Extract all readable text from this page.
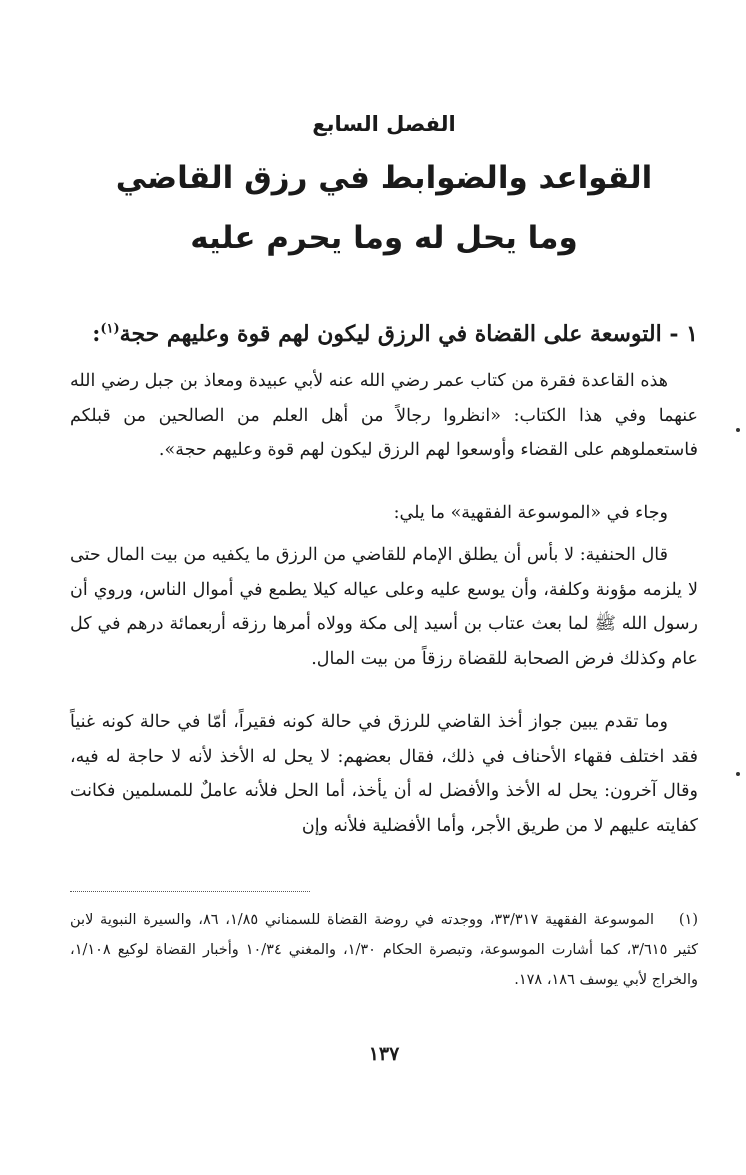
الفصل السابع
القواعد والضوابط في رزق القاضي
وما يحل له وما يحرم عليه
١ - التوسعة على القضاة في الرزق ليكون لهم قوة وعليهم حجة$^{(١)}$:
هذه القاعدة فقرة من كتاب عمر رضي الله عنه لأبي عبيدة ومعاذ بن جبل رضي الله عنهما وفي هذا الكتاب: «انظروا رجالاً من أهل العلم من الصالحين من قبلكم فاستعملوهم على القضاء وأوسعوا لهم الرزق ليكون لهم قوة وعليهم حجة».
وجاء في «الموسوعة الفقهية» ما يلي:
قال الحنفية: لا بأس أن يطلق الإمام للقاضي من الرزق ما يكفيه من بيت المال حتى لا يلزمه مؤونة وكلفة، وأن يوسع عليه وعلى عياله كيلا يطمع في أموال الناس، وروي أن رسول الله ﷺ لما بعث عتاب بن أسيد إلى مكة وولاه أمرها رزقه أربعمائة درهم في كل عام وكذلك فرض الصحابة للقضاة رزقاً من بيت المال.
وما تقدم يبين جواز أخذ القاضي للرزق في حالة كونه فقيراً، أمّا في حالة كونه غنياً فقد اختلف فقهاء الأحناف في ذلك، فقال بعضهم: لا يحل له الأخذ لأنه لا حاجة له فيه، وقال آخرون: يحل له الأخذ والأفضل له أن يأخذ، أما الحل فلأنه عاملٌ للمسلمين فكانت كفايته عليهم لا من طريق الأجر، وأما الأفضلية فلأنه وإن
(١)الموسوعة الفقهية ٣٣/٣١٧، ووجدته في روضة القضاة للسمناني ١/٨٥، ٨٦، والسيرة النبوية لابن كثير ٣/٦١٥، كما أشارت الموسوعة، وتبصرة الحكام ١/٣٠، والمغني ١٠/٣٤ وأخبار القضاة لوكيع ١/١٠٨، والخراج لأبي يوسف ١٨٦، ١٧٨.
١٣٧
